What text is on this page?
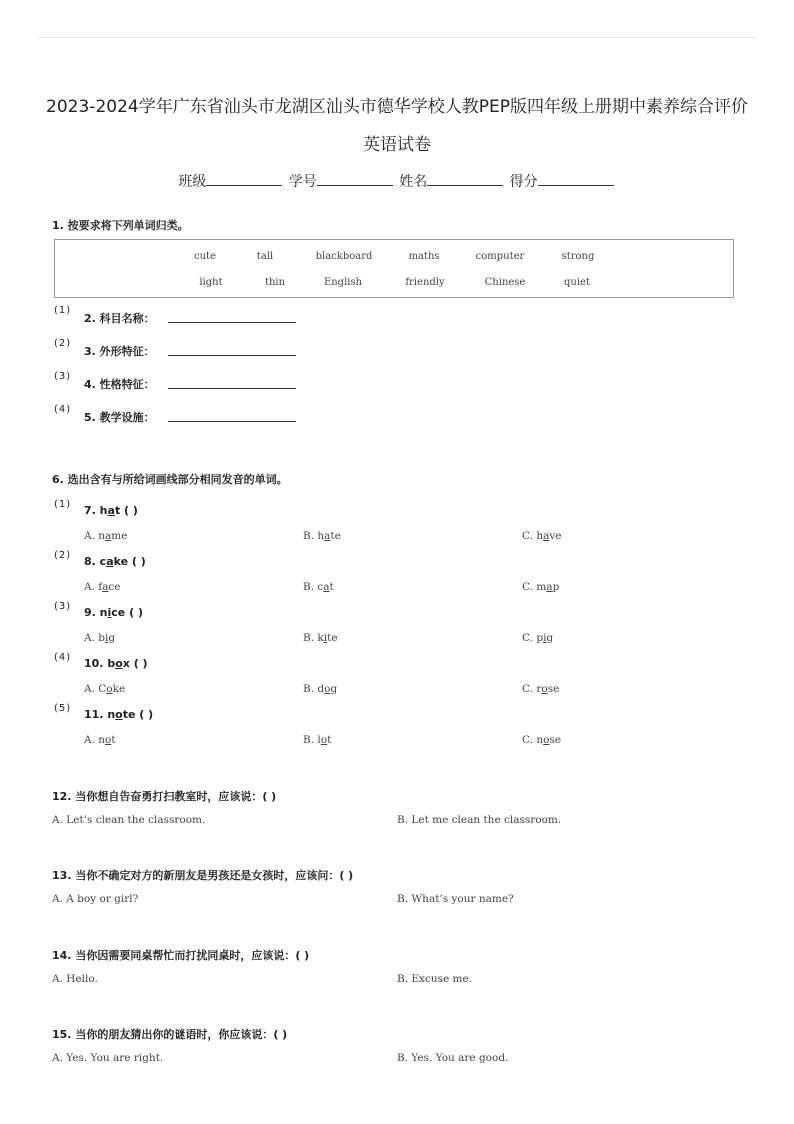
2023-2024学年广东省汕头市龙湖区汕头市德华学校人教PEP版四年级上册期中素养综合评价
英语试卷
班级	学号	姓名	得分
1. 按要求将下列单词归类。
cute	tall	blackboard	maths	computer	strong
light	thin	English	friendly	Chinese	quiet
(1)
2. 科目名称：
(2)
3. 外形特征：
(3)
4. 性格特征：
(4)
5. 教学设施：
6. 选出含有与所给词画线部分相同发音的单词。
(1) 7. hat ( )
A. name	B. hate	C. have
(2) 8. cake ( )
A. face	B. cat	C. map
(3) 9. nice ( )
A. big	B. kite	C. pig
(4) 10. box ( )
A. Coke	B. dog	C. rose
(5) 11. note ( )
A. not	B. lot	C. nose
12. 当你想自告奋勇打扫教室时，应该说：( )
A. Let’s clean the classroom.	B. Let me clean the classroom.
13. 当你不确定对方的新朋友是男孩还是女孩时，应该问：( )
A. A boy or girl?	B. What’s your name?
14. 当你因需要同桌帮忙而打扰同桌时，应该说：( )
A. Hello.	B. Excuse me.
15. 当你的朋友猜出你的谜语时，你应该说：( )
A. Yes. You are right.	B. Yes. You are good.
